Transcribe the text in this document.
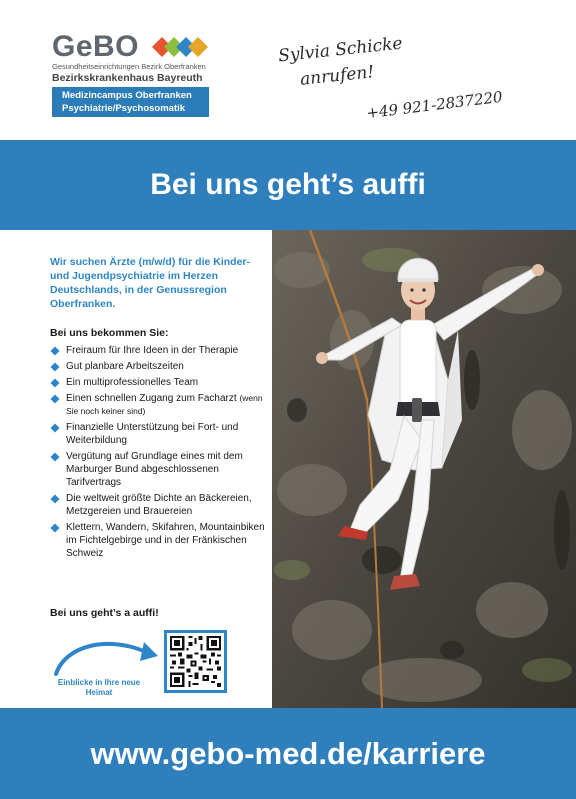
GeBO
Gesundheitseinrichtungen Bezirk Oberfranken
Bezirkskrankenhaus Bayreuth
Medizincampus Oberfranken
Psychiatrie/Psychosomatik
Sylvia Schicke
anrufen!
+49 921-2837220
Bei uns geht’s auffi

Wir suchen Ärzte (m/w/d) für die Kinder- und Jugendpsychiatrie im Herzen Deutschlands, in der Genussregion Oberfranken.

Bei uns bekommen Sie:
Freiraum für Ihre Ideen in der Therapie
Gut planbare Arbeitszeiten
Ein multiprofessionelles Team
Einen schnellen Zugang zum Facharzt (wenn Sie noch keiner sind)
Finanzielle Unterstützung bei Fort- und Weiterbildung
Vergütung auf Grundlage eines mit dem Marburger Bund abgeschlossenen Tarifvertrags
Die weltweit größte Dichte an Bäckereien, Metzgereien und Brauereien
Klettern, Wandern, Skifahren, Mountainbiken im Fichtelgebirge und in der Fränkischen Schweiz
Bei uns geht’s a auffi!
Einblicke in Ihre neue Heimat
www.gebo-med.de/karriere
